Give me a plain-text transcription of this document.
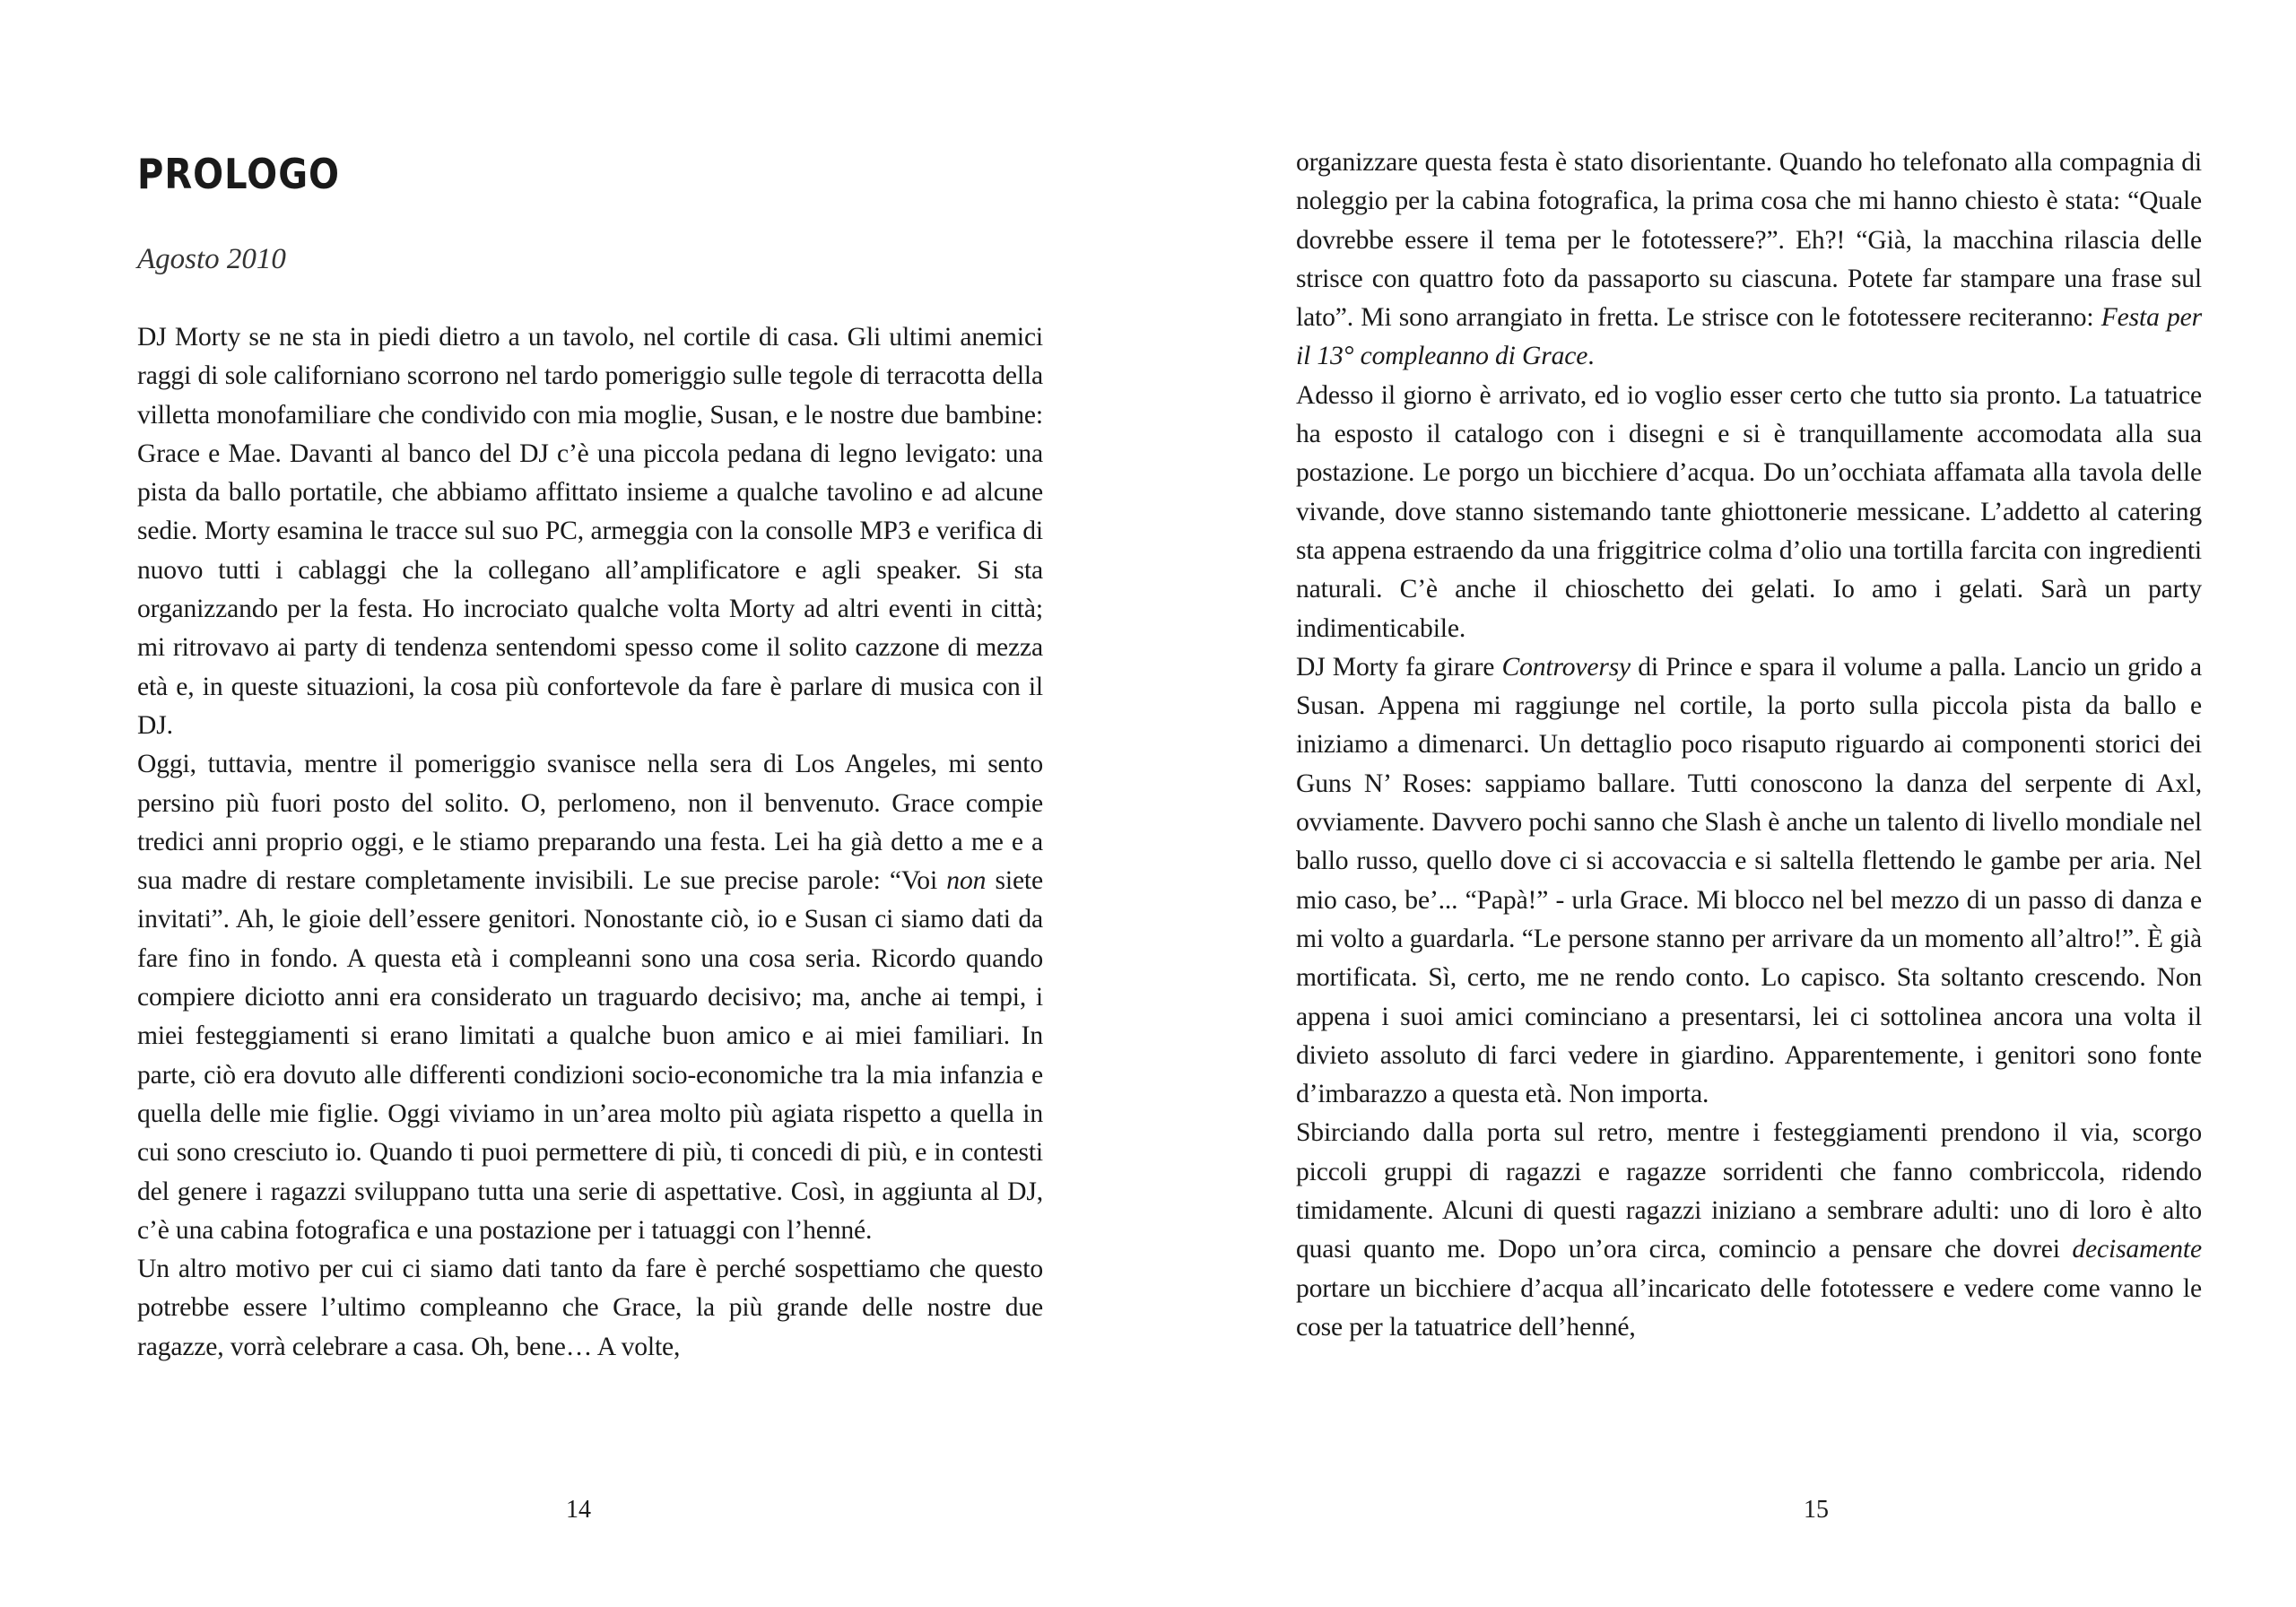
PROLOGO
Agosto 2010

DJ Morty se ne sta in piedi dietro a un tavolo, nel cortile di casa. Gli ultimi anemici raggi di sole californiano scorrono nel tardo pomeriggio sulle tegole di terracotta della villetta monofamiliare che condivido con mia moglie, Susan, e le nostre due bambine: Grace e Mae. Davanti al banco del DJ c’è una piccola pedana di legno levigato: una pista da ballo portatile, che abbiamo affittato insieme a qualche tavolino e ad alcune sedie. Morty esamina le tracce sul suo PC, armeggia con la consolle MP3 e verifica di nuovo tutti i cablaggi che la collegano all’amplificatore e agli speaker. Si sta organizzando per la festa. Ho incrociato qualche volta Morty ad altri eventi in città; mi ritrovavo ai party di tendenza sentendomi spesso come il solito cazzone di mezza età e, in queste situazioni, la cosa più confortevole da fare è parlare di musica con il DJ.

Oggi, tuttavia, mentre il pomeriggio svanisce nella sera di Los Angeles, mi sento persino più fuori posto del solito. O, perlomeno, non il benvenuto. Grace compie tredici anni proprio oggi, e le stiamo preparando una festa. Lei ha già detto a me e a sua madre di restare completamente invisibili. Le sue precise parole: “Voi non siete invitati”. Ah, le gioie dell’essere genitori. Nonostante ciò, io e Susan ci siamo dati da fare fino in fondo. A questa età i compleanni sono una cosa seria. Ricordo quando compiere diciotto anni era considerato un traguardo decisivo; ma, anche ai tempi, i miei festeggiamenti si erano limitati a qualche buon amico e ai miei familiari. In parte, ciò era dovuto alle differenti condizioni socio-economiche tra la mia infanzia e quella delle mie figlie. Oggi viviamo in un’area molto più agiata rispetto a quella in cui sono cresciuto io. Quando ti puoi permettere di più, ti concedi di più, e in contesti del genere i ragazzi sviluppano tutta una serie di aspettative. Così, in aggiunta al DJ, c’è una cabina fotografica e una postazione per i tatuaggi con l’henné.

Un altro motivo per cui ci siamo dati tanto da fare è perché sospettiamo che questo potrebbe essere l’ultimo compleanno che Grace, la più grande delle nostre due ragazze, vorrà celebrare a casa. Oh, bene… A volte,

14

organizzare questa festa è stato disorientante. Quando ho telefonato alla compagnia di noleggio per la cabina fotografica, la prima cosa che mi hanno chiesto è stata: “Quale dovrebbe essere il tema per le fototessere?”. Eh?! “Già, la macchina rilascia delle strisce con quattro foto da passaporto su ciascuna. Potete far stampare una frase sul lato”. Mi sono arrangiato in fretta. Le strisce con le fototessere reciteranno: Festa per il 13° compleanno di Grace.

Adesso il giorno è arrivato, ed io voglio esser certo che tutto sia pronto. La tatuatrice ha esposto il catalogo con i disegni e si è tranquillamente accomodata alla sua postazione. Le porgo un bicchiere d’acqua. Do un’occhiata affamata alla tavola delle vivande, dove stanno sistemando tante ghiottonerie messicane. L’addetto al catering sta appena estraendo da una friggitrice colma d’olio una tortilla farcita con ingredienti naturali. C’è anche il chioschetto dei gelati. Io amo i gelati. Sarà un party indimenticabile.

DJ Morty fa girare Controversy di Prince e spara il volume a palla. Lancio un grido a Susan. Appena mi raggiunge nel cortile, la porto sulla piccola pista da ballo e iniziamo a dimenarci. Un dettaglio poco risaputo riguardo ai componenti storici dei Guns N’ Roses: sappiamo ballare. Tutti conoscono la danza del serpente di Axl, ovviamente. Davvero pochi sanno che Slash è anche un talento di livello mondiale nel ballo russo, quello dove ci si accovaccia e si saltella flettendo le gambe per aria. Nel mio caso, be’... “Papà!” - urla Grace. Mi blocco nel bel mezzo di un passo di danza e mi volto a guardarla. “Le persone stanno per arrivare da un momento all’altro!”. È già mortificata. Sì, certo, me ne rendo conto. Lo capisco. Sta soltanto crescendo. Non appena i suoi amici cominciano a presentarsi, lei ci sottolinea ancora una volta il divieto assoluto di farci vedere in giardino. Apparentemente, i genitori sono fonte d’imbarazzo a questa età. Non importa.

Sbirciando dalla porta sul retro, mentre i festeggiamenti prendono il via, scorgo piccoli gruppi di ragazzi e ragazze sorridenti che fanno combriccola, ridendo timidamente. Alcuni di questi ragazzi iniziano a sembrare adulti: uno di loro è alto quasi quanto me. Dopo un’ora circa, comincio a pensare che dovrei decisamente portare un bicchiere d’acqua all’incaricato delle fototessere e vedere come vanno le cose per la tatuatrice dell’henné,

15
